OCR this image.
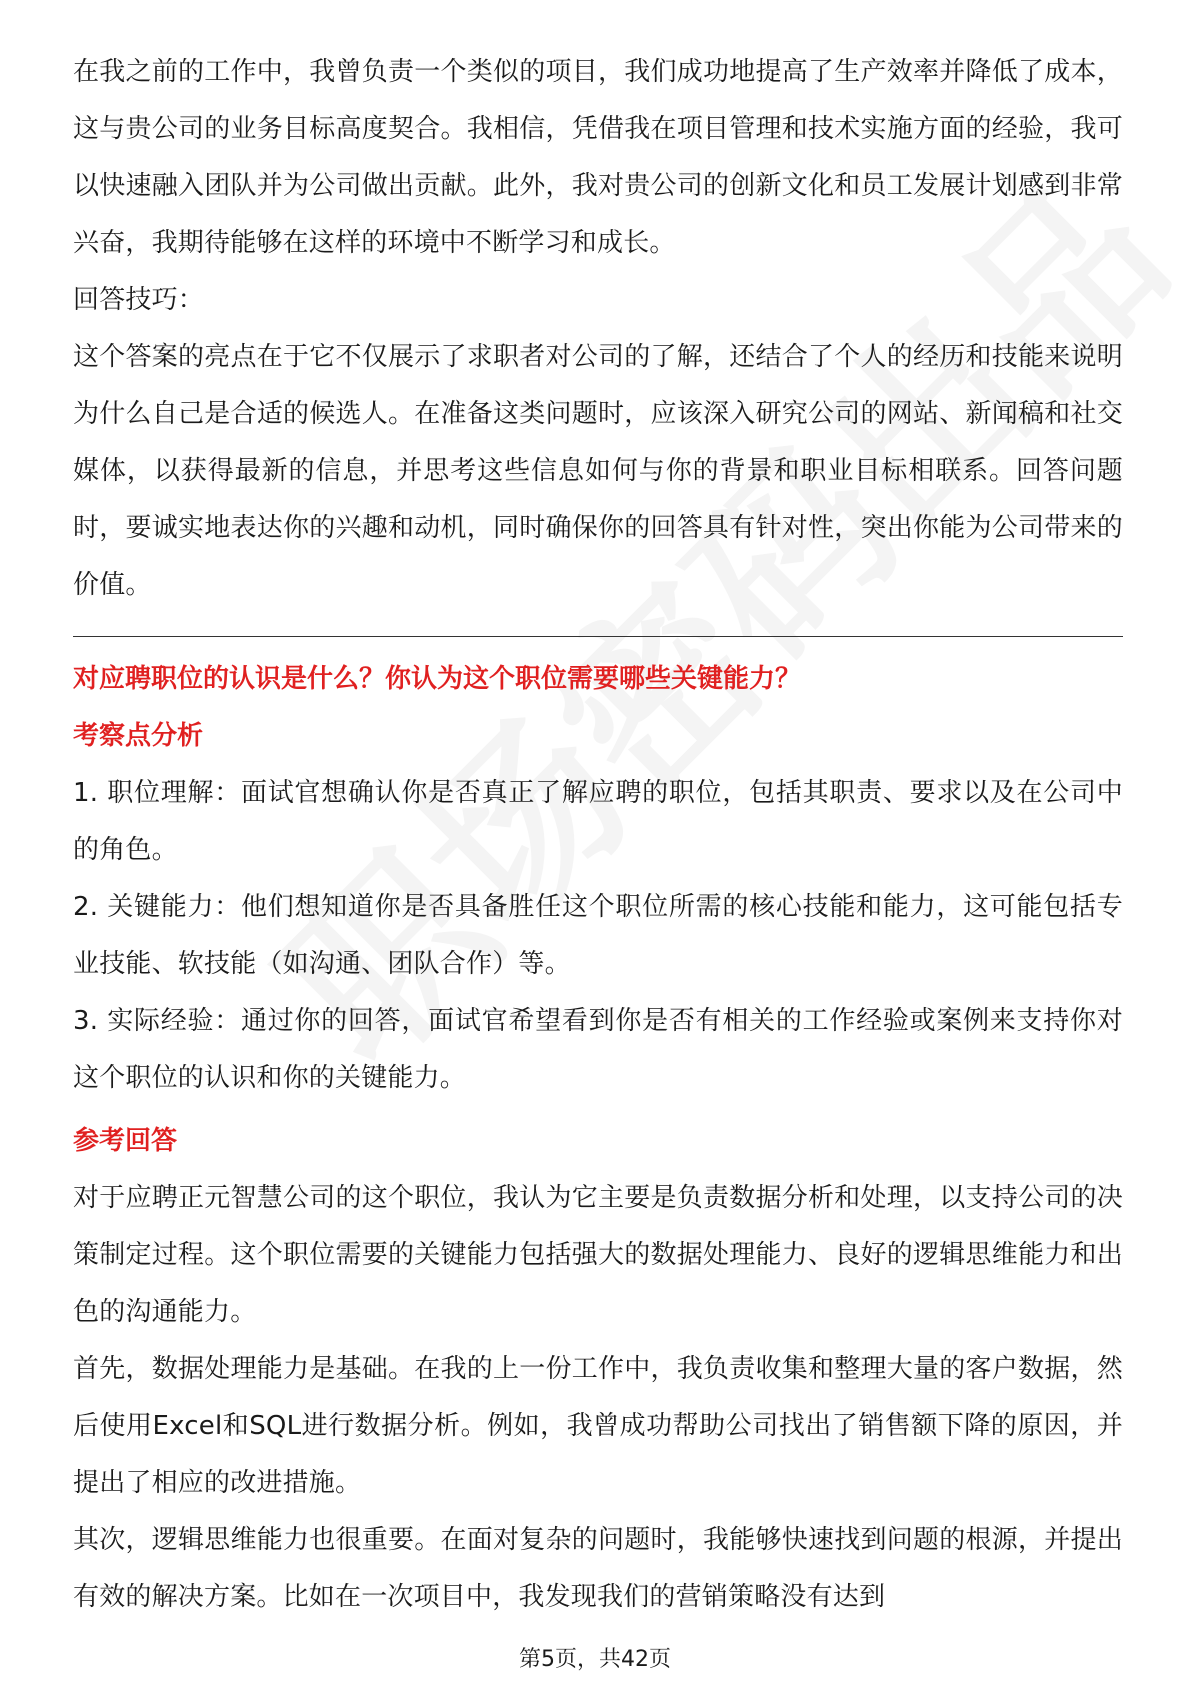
在我之前的工作中，我曾负责一个类似的项目，我们成功地提高了生产效率并降低了成本，这与贵公司的业务目标高度契合。我相信，凭借我在项目管理和技术实施方面的经验，我可以快速融入团队并为公司做出贡献。此外，我对贵公司的创新文化和员工发展计划感到非常兴奋，我期待能够在这样的环境中不断学习和成长。

回答技巧：

这个答案的亮点在于它不仅展示了求职者对公司的了解，还结合了个人的经历和技能来说明为什么自己是合适的候选人。在准备这类问题时，应该深入研究公司的网站、新闻稿和社交媒体，以获得最新的信息，并思考这些信息如何与你的背景和职业目标相联系。回答问题时，要诚实地表达你的兴趣和动机，同时确保你的回答具有针对性，突出你能为公司带来的价值。

对应聘职位的认识是什么？你认为这个职位需要哪些关键能力？

考察点分析

1. 职位理解：面试官想确认你是否真正了解应聘的职位，包括其职责、要求以及在公司中的角色。

2. 关键能力：他们想知道你是否具备胜任这个职位所需的核心技能和能力，这可能包括专业技能、软技能（如沟通、团队合作）等。

3. 实际经验：通过你的回答，面试官希望看到你是否有相关的工作经验或案例来支持你对这个职位的认识和你的关键能力。

参考回答

对于应聘正元智慧公司的这个职位，我认为它主要是负责数据分析和处理，以支持公司的决策制定过程。这个职位需要的关键能力包括强大的数据处理能力、良好的逻辑思维能力和出色的沟通能力。

首先，数据处理能力是基础。在我的上一份工作中，我负责收集和整理大量的客户数据，然后使用Excel和SQL进行数据分析。例如，我曾成功帮助公司找出了销售额下降的原因，并提出了相应的改进措施。

其次，逻辑思维能力也很重要。在面对复杂的问题时，我能够快速找到问题的根源，并提出有效的解决方案。比如在一次项目中，我发现我们的营销策略没有达到

第5页，共42页
